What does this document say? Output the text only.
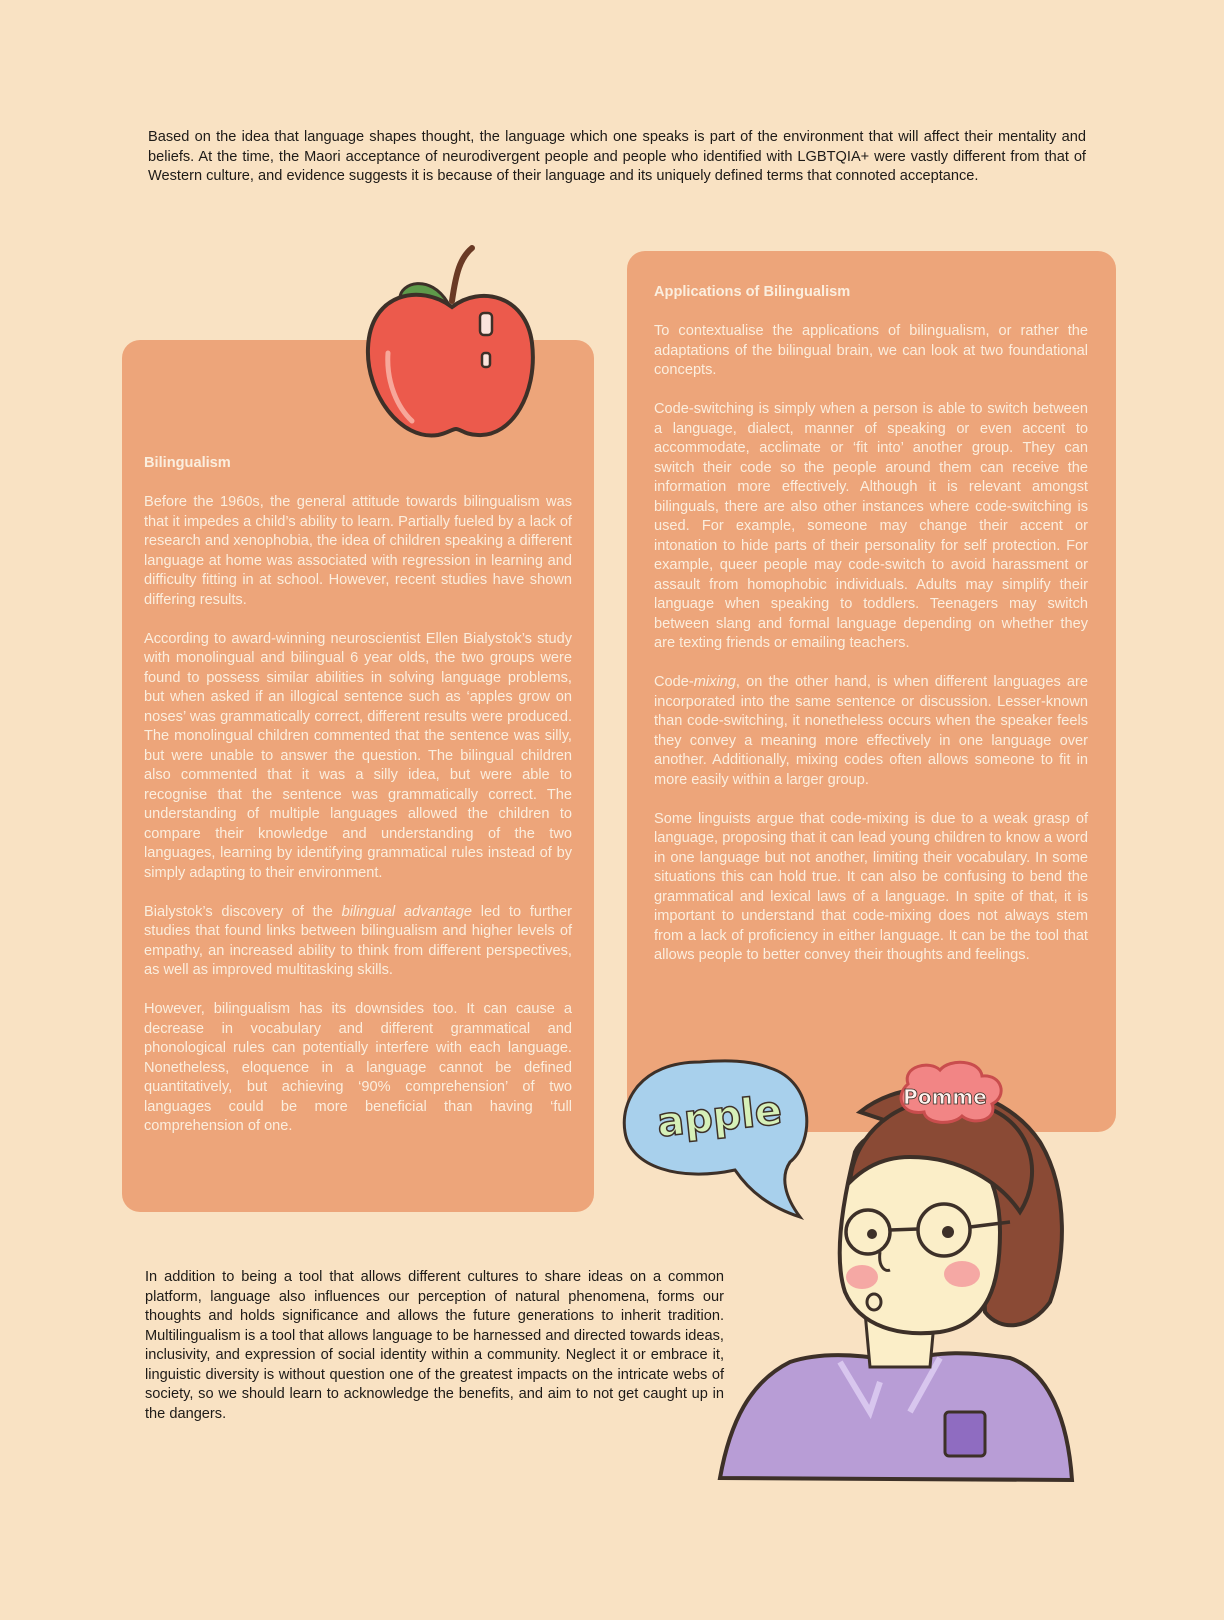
Based on the idea that language shapes thought, the language which one speaks is part of the environment that will affect their mentality and beliefs. At the time, the Maori acceptance of neurodivergent people and people who identified with LGBTQIA+ were vastly different from that of Western culture, and evidence suggests it is because of their language and its uniquely defined terms that connoted acceptance.

Bilingualism

Before the 1960s, the general attitude towards bilingualism was that it impedes a child’s ability to learn. Partially fueled by a lack of research and xenophobia, the idea of children speaking a different language at home was associated with regression in learning and difficulty fitting in at school. However, recent studies have shown differing results.

According to award-winning neuroscientist Ellen Bialystok’s study with monolingual and bilingual 6 year olds, the two groups were found to possess similar abilities in solving language problems, but when asked if an illogical sentence such as ‘apples grow on noses’ was grammatically correct, different results were produced. The monolingual children commented that the sentence was silly, but were unable to answer the question. The bilingual children also commented that it was a silly idea, but were able to recognise that the sentence was grammatically correct. The understanding of multiple languages allowed the children to compare their knowledge and understanding of the two languages, learning by identifying grammatical rules instead of by simply adapting to their environment.

Bialystok’s discovery of the bilingual advantage led to further studies that found links between bilingualism and higher levels of empathy, an increased ability to think from different perspectives, as well as improved multitasking skills.

However, bilingualism has its downsides too. It can cause a decrease in vocabulary and different grammatical and phonological rules can potentially interfere with each language. Nonetheless, eloquence in a language cannot be defined quantitatively, but achieving ‘90% comprehension’ of two languages could be more beneficial than having ‘full comprehension of one.

Applications of Bilingualism

To contextualise the applications of bilingualism, or rather the adaptations of the bilingual brain, we can look at two foundational concepts.

Code-switching is simply when a person is able to switch between a language, dialect, manner of speaking or even accent to accommodate, acclimate or ‘fit into’ another group. They can switch their code so the people around them can receive the information more effectively. Although it is relevant amongst bilinguals, there are also other instances where code-switching is used. For example, someone may change their accent or intonation to hide parts of their personality for self protection. For example, queer people may code-switch to avoid harassment or assault from homophobic individuals. Adults may simplify their language when speaking to toddlers. Teenagers may switch between slang and formal language depending on whether they are texting friends or emailing teachers.

Code-mixing, on the other hand, is when different languages are incorporated into the same sentence or discussion. Lesser-known than code-switching, it nonetheless occurs when the speaker feels they convey a meaning more effectively in one language over another. Additionally, mixing codes often allows someone to fit in more easily within a larger group.

Some linguists argue that code-mixing is due to a weak grasp of language, proposing that it can lead young children to know a word in one language but not another, limiting their vocabulary. In some situations this can hold true. It can also be confusing to bend the grammatical and lexical laws of a language. In spite of that, it is important to understand that code-mixing does not always stem from a lack of proficiency in either language. It can be the tool that allows people to better convey their thoughts and feelings.

Pomme
apple

In addition to being a tool that allows different cultures to share ideas on a common platform, language also influences our perception of natural phenomena, forms our thoughts and holds significance and allows the future generations to inherit tradition. Multilingualism is a tool that allows language to be harnessed and directed towards ideas, inclusivity, and expression of social identity within a community. Neglect it or embrace it, linguistic diversity is without question one of the greatest impacts on the intricate webs of society, so we should learn to acknowledge the benefits, and aim to not get caught up in the dangers.
